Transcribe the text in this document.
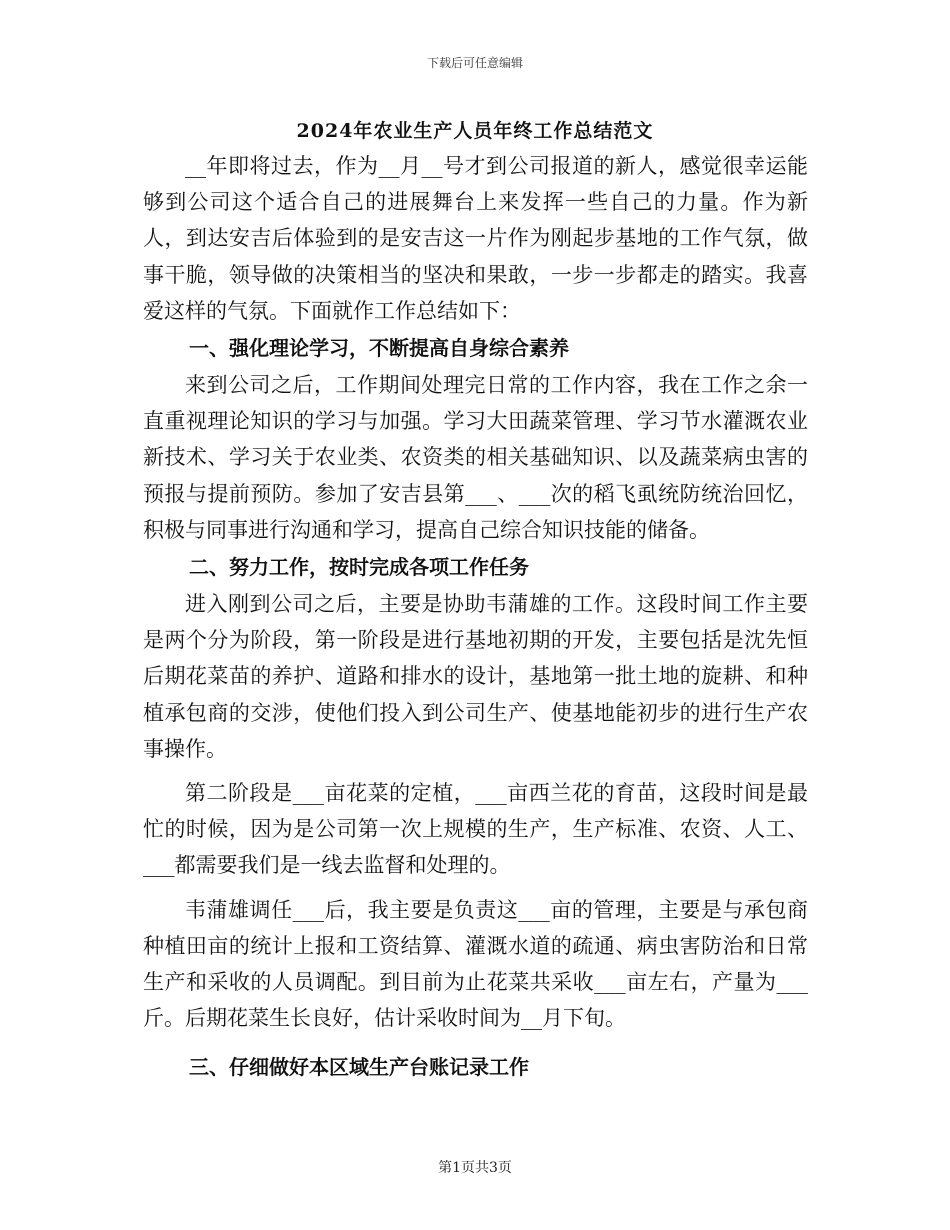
下载后可任意编辑
2024年农业生产人员年终工作总结范文

__年即将过去，作为__月__号才到公司报道的新人，感觉很幸运能够到公司这个适合自己的进展舞台上来发挥一些自己的力量。作为新人，到达安吉后体验到的是安吉这一片作为刚起步基地的工作气氛，做事干脆，领导做的决策相当的坚决和果敢，一步一步都走的踏实。我喜爱这样的气氛。下面就作工作总结如下：

一、强化理论学习，不断提高自身综合素养

来到公司之后，工作期间处理完日常的工作内容，我在工作之余一直重视理论知识的学习与加强。学习大田蔬菜管理、学习节水灌溉农业新技术、学习关于农业类、农资类的相关基础知识、以及蔬菜病虫害的预报与提前预防。参加了安吉县第___、___次的稻飞虱统防统治回忆，积极与同事进行沟通和学习，提高自己综合知识技能的储备。

二、努力工作，按时完成各项工作任务

进入刚到公司之后，主要是协助韦蒲雄的工作。这段时间工作主要是两个分为阶段，第一阶段是进行基地初期的开发，主要包括是沈先恒后期花菜苗的养护、道路和排水的设计，基地第一批土地的旋耕、和种植承包商的交涉，使他们投入到公司生产、使基地能初步的进行生产农事操作。

第二阶段是___亩花菜的定植，___亩西兰花的育苗，这段时间是最忙的时候，因为是公司第一次上规模的生产，生产标准、农资、人工、___都需要我们是一线去监督和处理的。

韦蒲雄调任___后，我主要是负责这___亩的管理，主要是与承包商种植田亩的统计上报和工资结算、灌溉水道的疏通、病虫害防治和日常生产和采收的人员调配。到目前为止花菜共采收___亩左右，产量为___斤。后期花菜生长良好，估计采收时间为__月下旬。

三、仔细做好本区域生产台账记录工作

第1页共3页
